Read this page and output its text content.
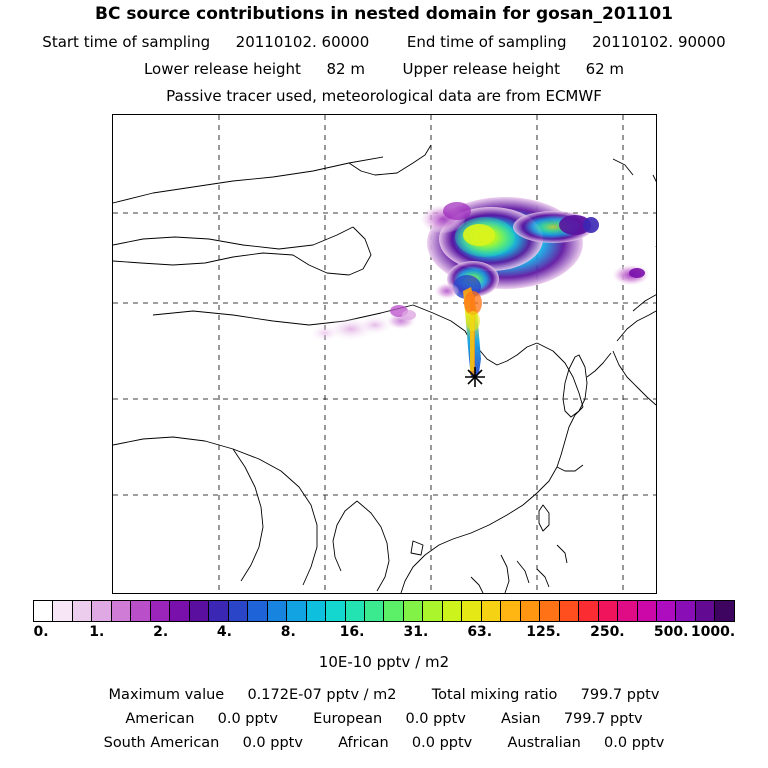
BC source contributions in nested domain for gosan_201101
Start time of sampling 20110102. 60000	End time of sampling 20110102. 90000
Lower release height 82 m	Upper release height 62 m
Passive tracer used, meteorological data are from ECMWF
0.	1.	2.	4.	8.	16.	31.	63. 125. 250. 500. 1000.
10E-10 pptv / m2
Maximum value 0.172E-07 pptv / m2 Total mixing ratio 799.7 pptv
American 0.0 pptv European 0.0 pptv Asian 799.7 pptv
South American 0.0 pptv African 0.0 pptv Australian 0.0 pptv
